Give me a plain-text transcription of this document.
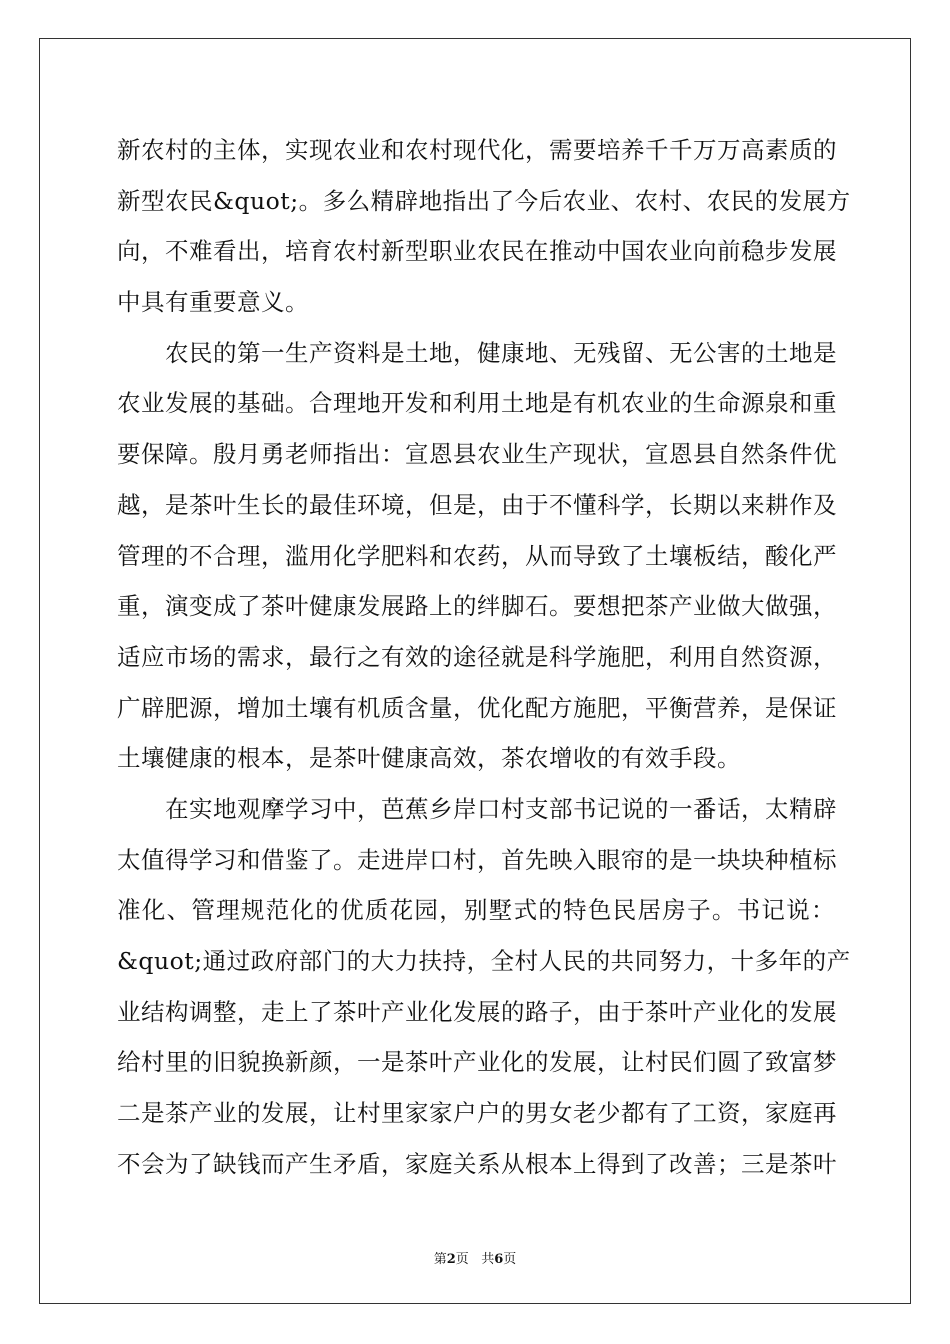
新农村的主体，实现农业和农村现代化，需要培养千千万万高素质的
新型农民&quot;。多么精辟地指出了今后农业、农村、农民的发展方
向，不难看出，培育农村新型职业农民在推动中国农业向前稳步发展
中具有重要意义。
　　农民的第一生产资料是土地，健康地、无残留、无公害的土地是
农业发展的基础。合理地开发和利用土地是有机农业的生命源泉和重
要保障。殷月勇老师指出：宣恩县农业生产现状，宣恩县自然条件优
越，是茶叶生长的最佳环境，但是，由于不懂科学，长期以来耕作及
管理的不合理，滥用化学肥料和农药，从而导致了土壤板结，酸化严
重，演变成了茶叶健康发展路上的绊脚石。要想把茶产业做大做强，
适应市场的需求，最行之有效的途径就是科学施肥，利用自然资源，
广辟肥源，增加土壤有机质含量，优化配方施肥，平衡营养，是保证
土壤健康的根本，是茶叶健康高效，茶农增收的有效手段。
　　在实地观摩学习中，芭蕉乡岸口村支部书记说的一番话，太精辟
太值得学习和借鉴了。走进岸口村，首先映入眼帘的是一块块种植标
准化、管理规范化的优质花园，别墅式的特色民居房子。书记说：
&quot;通过政府部门的大力扶持，全村人民的共同努力，十多年的产
业结构调整，走上了茶叶产业化发展的路子，由于茶叶产业化的发展
给村里的旧貌换新颜，一是茶叶产业化的发展，让村民们圆了致富梦
二是茶产业的发展，让村里家家户户的男女老少都有了工资，家庭再
不会为了缺钱而产生矛盾，家庭关系从根本上得到了改善；三是茶叶
第2页 共6页
